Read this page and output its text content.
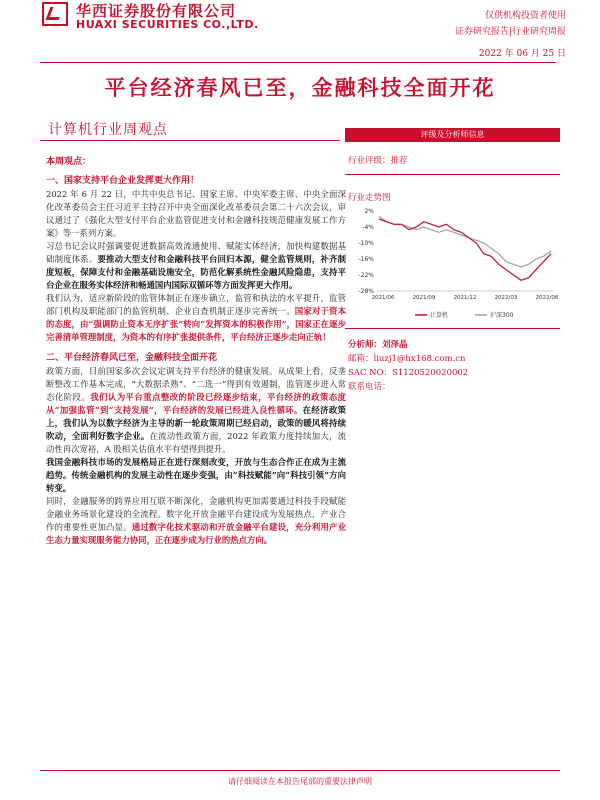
华西证券股份有限公司
HUAXI SECURITIES CO.,LTD.
仅供机构投资者使用
证券研究报告|行业研究周报
2022 年 06 月 25 日
平台经济春风已至，金融科技全面开花
计算机行业周观点	评级及分析师信息
行业评级：推荐
行业走势图
2%
-4%
-10%
-16%
-22%
-28%
2021/06	2021/09	2021/12	2022/03	2022/06
计算机	沪深300
分析师：刘泽晶
邮箱：liuzj1@hx168.com.cn
SAC NO：S1120520020002
联系电话：

本周观点：

一、国家支持平台企业发挥更大作用！

2022 年 6 月 22 日，中共中央总书记、国家主席、中央军委主席、中央全面深化改革委员会主任习近平主持召开中央全面深化改革委员会第二十六次会议，审议通过了《强化大型支付平台企业监管促进支付和金融科技规范健康发展工作方案》等一系列方案。

习总书记会议时强调要促进数据高效流通使用、赋能实体经济，加快构建数据基础制度体系。要推动大型支付和金融科技平台回归本源，健全监管规则，补齐制度短板，保障支付和金融基础设施安全，防范化解系统性金融风险隐患，支持平台企业在服务实体经济和畅通国内国际双循环等方面发挥更大作用。

我们认为，适应新阶段的监管体制正在逐步确立，监管和执法的水平提升，监管部门机构及职能部门的监管机制、企业自查机制正逐步完善统一。国家对于资本的态度，由“强调防止资本无序扩张”转向“发挥资本的积极作用”，国家正在逐步完善清单管理制度，为资本的有序扩张提供条件，平台经济正逐步走向正轨！

二、平台经济春风已至，金融科技全面开花

政策方面，目前国家多次会议定调支持平台经济的健康发展。从成果上看，反垄断整改工作基本完成，“大数据杀熟”、“二选一”得到有效遏制，监管逐步进入常态化阶段。我们认为平台重点整改的阶段已经逐步结束，平台经济的政策态度从“加强监管”到“支持发展”，平台经济的发展已经进入良性循环。在经济政策上，我们认为以数字经济为主导的新一轮政策周期已经启动，政策的暖风将持续吹动，全面利好数字企业。在流动性政策方面，2022 年政策力度持续加大，流动性再次宽裕，A 股相关估值水平有望得到提升。

我国金融科技市场的发展格局正在进行深刻改变，开放与生态合作正在成为主流趋势。传统金融机构的发展主动性在逐步变强，由“科技赋能”向“科技引领”方向转变。

同时，金融服务的跨界应用互联不断深化，金融机构更加需要通过科技手段赋能金融业务场景化建设的全流程。数字化开放金融平台建设成为发展热点，产业合作的重要性更加凸显。通过数字化技术驱动和开放金融平台建设，充分利用产业生态力量实现服务能力协同，正在逐步成为行业的热点方向。

请仔细阅读在本报告尾部的重要法律声明
